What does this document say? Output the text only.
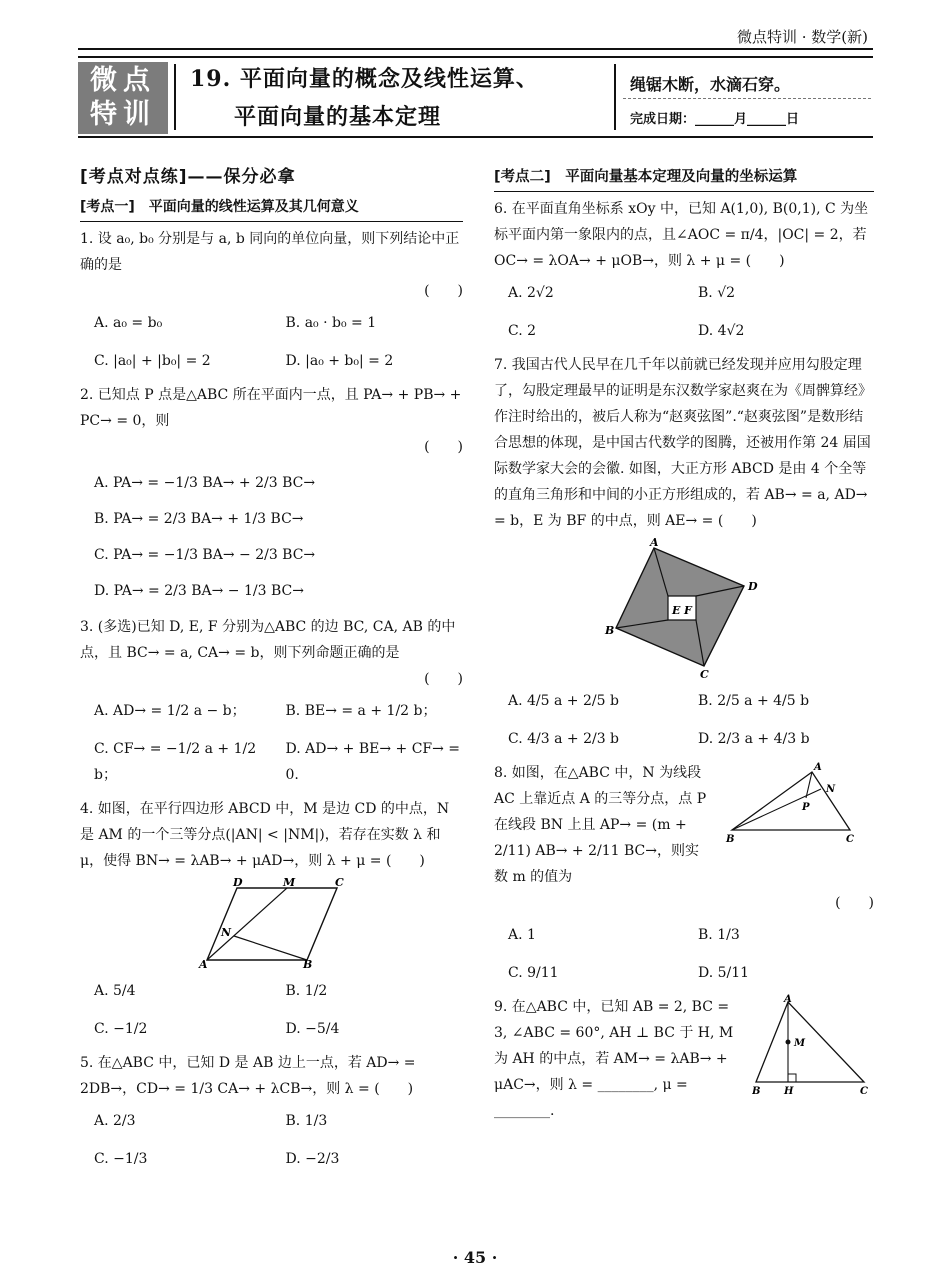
微点特训 · 数学(新)
微点
特训
19. 平面向量的概念及线性运算、
平面向量的基本定理
绳锯木断，水滴石穿。
完成日期：______月______日
[考点对点练]——保分必拿
[考点一]　平面向量的线性运算及其几何意义
1. 设 a₀, b₀ 分别是与 a, b 同向的单位向量，则下列结论中正确的是
(　　)
A. a₀ = b₀	B. a₀ · b₀ = 1
C. |a₀| + |b₀| = 2	D. |a₀ + b₀| = 2
2. 已知点 P 点是△ABC 所在平面内一点，且 PA→ + PB→ + PC→ = 0，则
(　　)
A. PA→ = −1/3 BA→ + 2/3 BC→
B. PA→ = 2/3 BA→ + 1/3 BC→
C. PA→ = −1/3 BA→ − 2/3 BC→
D. PA→ = 2/3 BA→ − 1/3 BC→
3. (多选)已知 D, E, F 分别为△ABC 的边 BC, CA, AB 的中点，且 BC→ = a, CA→ = b，则下列命题正确的是
(　　)
A. AD→ = 1/2 a − b；	B. BE→ = a + 1/2 b；
C. CF→ = −1/2 a + 1/2 b；
D. AD→ + BE→ + CF→ = 0.
4. 如图，在平行四边形 ABCD 中，M 是边 CD 的中点，N 是 AM 的一个三等分点(|AN| < |NM|)，若存在实数 λ 和 μ，使得 BN→ = λAB→ + μAD→，则 λ + μ = (　　)
D	M	C
N
A	B
A. 5/4	B. 1/2
C. −1/2	D. −5/4
5. 在△ABC 中，已知 D 是 AB 边上一点，若 AD→ = 2DB→，CD→ = 1/3 CA→ + λCB→，则 λ = (　　)
A. 2/3	B. 1/3
C. −1/3	D. −2/3
[考点二]　平面向量基本定理及向量的坐标运算
6. 在平面直角坐标系 xOy 中，已知 A(1,0), B(0,1), C 为坐标平面内第一象限内的点，且∠AOC = π/4，|OC| = 2，若 OC→ = λOA→ + μOB→，则 λ + μ = (　　)
A. 2√2	B. √2
C. 2	D. 4√2
7. 我国古代人民早在几千年以前就已经发现并应用勾股定理了，勾股定理最早的证明是东汉数学家赵爽在为《周髀算经》作注时给出的，被后人称为“赵爽弦图”.“赵爽弦图”是数形结合思想的体现，是中国古代数学的图腾，还被用作第 24 届国际数学家大会的会徽. 如图，大正方形 ABCD 是由 4 个全等的直角三角形和中间的小正方形组成的，若 AB→ = a, AD→ = b，E 为 BF 的中点，则 AE→ = (　　)
A
D
B
C
E F
A. 4/5 a + 2/5 b	B. 2/5 a + 4/5 b
C. 4/3 a + 2/3 b	D. 2/3 a + 4/3 b
8. 如图，在△ABC 中，N 为线段 AC 上靠近点 A 的三等分点，点 P 在线段 BN 上且 AP→ = (m + 2/11) AB→ + 2/11 BC→，则实数 m 的值为
(　　)
A
N
P
B	C
A. 1	B. 1/3
C. 9/11	D. 5/11
9. 在△ABC 中，已知 AB = 2, BC = 3, ∠ABC = 60°, AH ⊥ BC 于 H, M 为 AH 的中点，若 AM→ = λAB→ + μAC→，则 λ = ________, μ = ________.
A
M
B H	C
· 45 ·
